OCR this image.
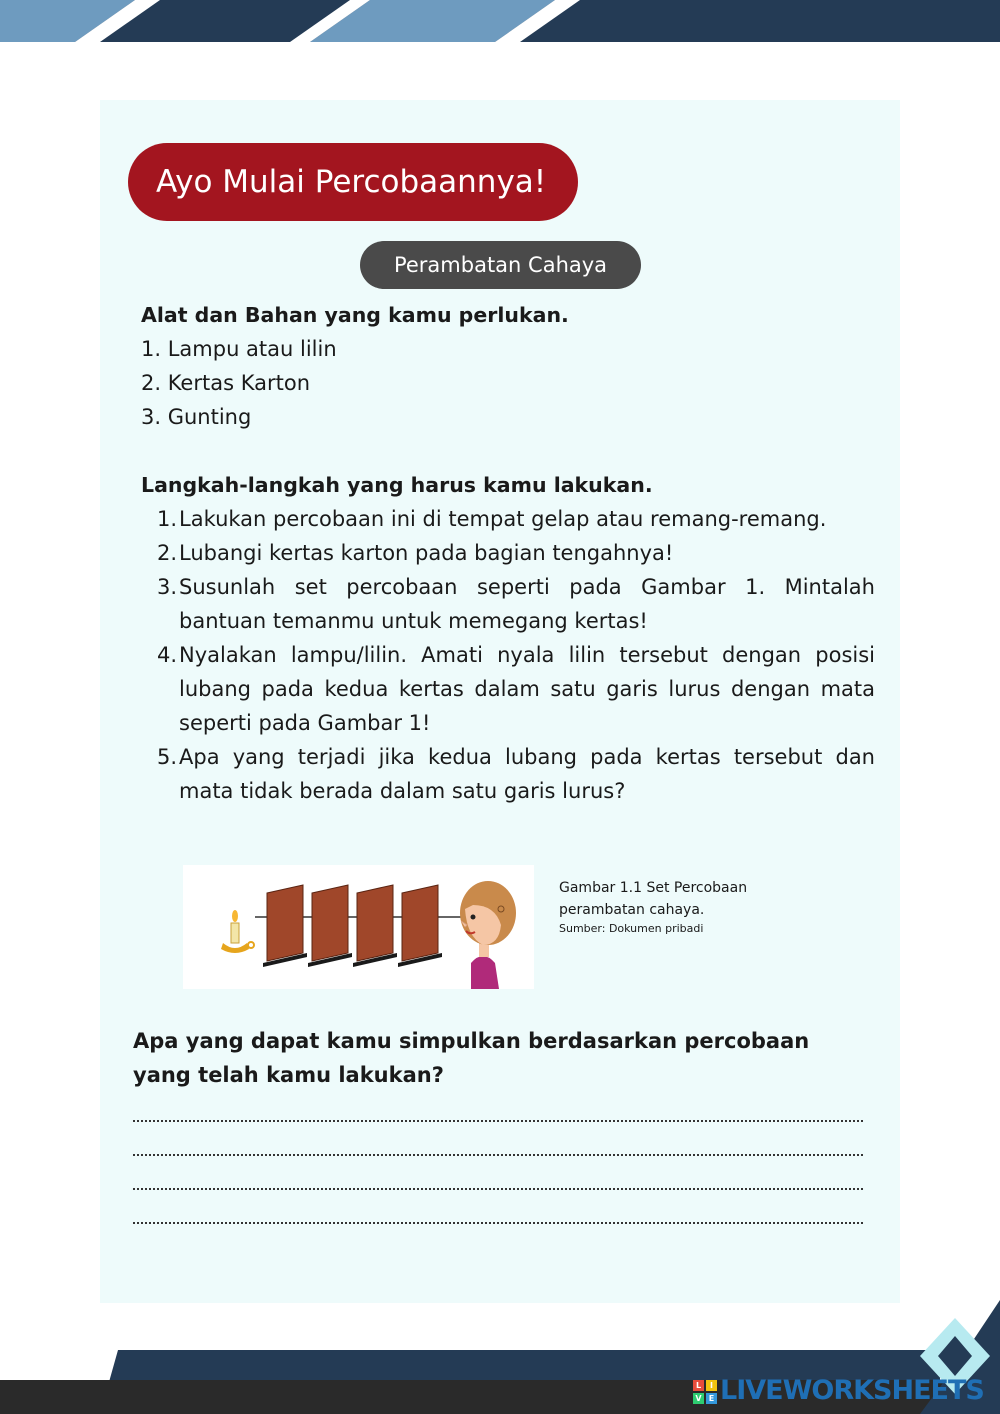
Ayo Mulai Percobaannya!
Perambatan Cahaya
Alat dan Bahan yang kamu perlukan.
1. Lampu atau lilin
2. Kertas Karton
3. Gunting
Langkah-langkah yang harus kamu lakukan.
1. Lakukan percobaan ini di tempat gelap atau remang-remang.
2. Lubangi kertas karton pada bagian tengahnya!
3. Susunlah set percobaan seperti pada Gambar 1. Mintalah bantuan temanmu untuk memegang kertas!
4. Nyalakan lampu/lilin. Amati nyala lilin tersebut dengan posisi lubang pada kedua kertas dalam satu garis lurus dengan mata seperti pada Gambar 1!
5. Apa yang terjadi jika kedua lubang pada kertas tersebut dan mata tidak berada dalam satu garis lurus?
Gambar 1.1 Set Percobaan
perambatan cahaya.
Sumber: Dokumen pribadi
Apa yang dapat kamu simpulkan berdasarkan percobaan yang telah kamu lakukan?
L	I
V E LIVEWORKSHEETS
